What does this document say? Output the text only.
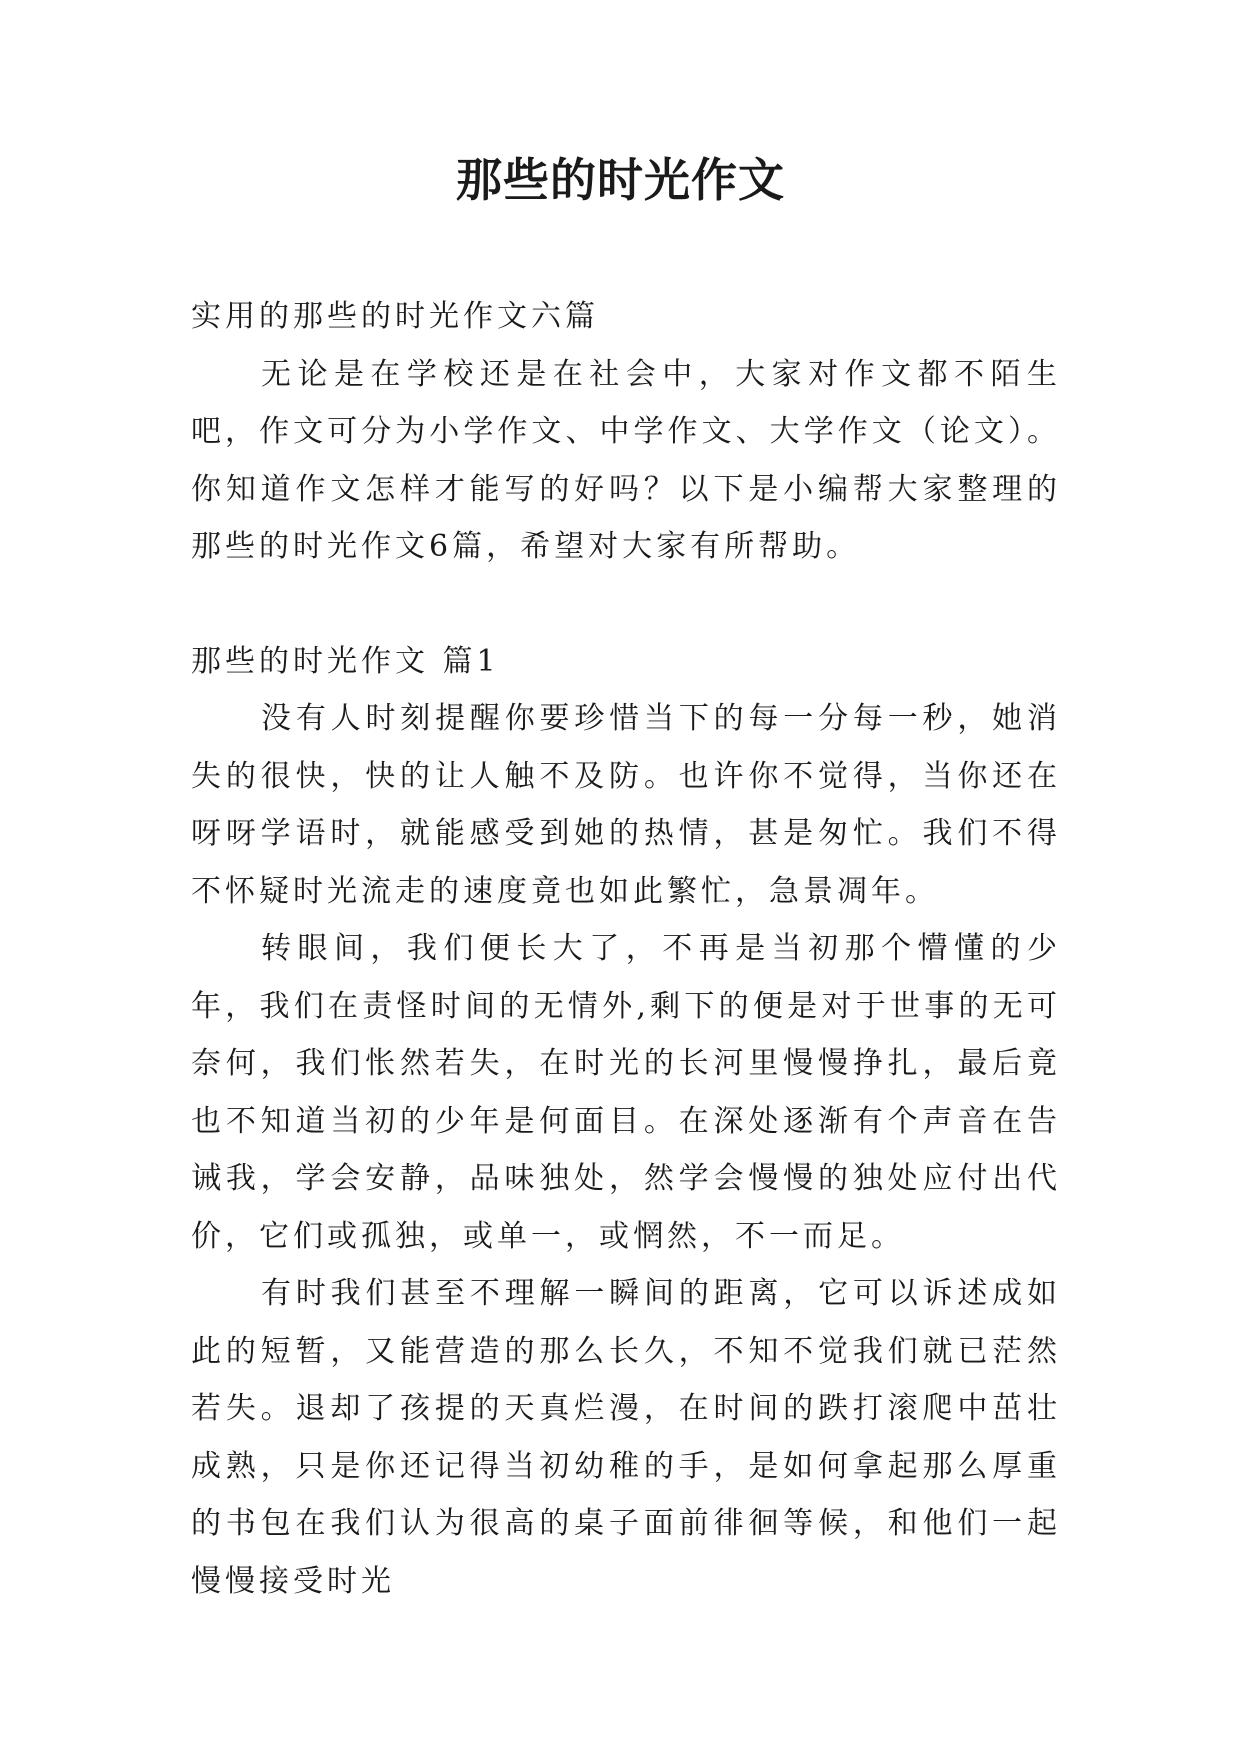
那些的时光作文

实用的那些的时光作文六篇

无论是在学校还是在社会中，大家对作文都不陌生吧，作文可分为小学作文、中学作文、大学作文（论文）。你知道作文怎样才能写的好吗？以下是小编帮大家整理的那些的时光作文6篇，希望对大家有所帮助。

那些的时光作文 篇1

没有人时刻提醒你要珍惜当下的每一分每一秒，她消失的很快，快的让人触不及防。也许你不觉得，当你还在呀呀学语时，就能感受到她的热情，甚是匆忙。我们不得不怀疑时光流走的速度竟也如此繁忙，急景凋年。

转眼间，我们便长大了，不再是当初那个懵懂的少年，我们在责怪时间的无情外,剩下的便是对于世事的无可奈何，我们怅然若失，在时光的长河里慢慢挣扎，最后竟也不知道当初的少年是何面目。在深处逐渐有个声音在告诫我，学会安静，品味独处，然学会慢慢的独处应付出代价，它们或孤独，或单一，或惘然，不一而足。

有时我们甚至不理解一瞬间的距离，它可以诉述成如此的短暂，又能营造的那么长久，不知不觉我们就已茫然若失。退却了孩提的天真烂漫，在时间的跌打滚爬中茁壮成熟，只是你还记得当初幼稚的手，是如何拿起那么厚重的书包在我们认为很高的桌子面前徘徊等候，和他们一起慢慢接受时光
